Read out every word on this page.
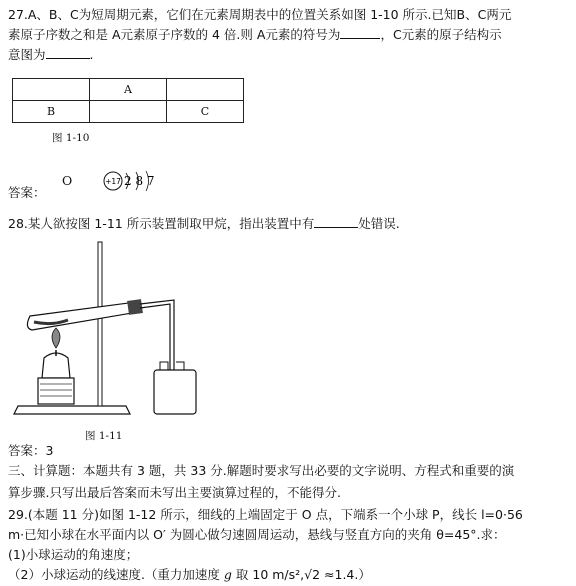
27.A、B、C为短周期元素，它们在元素周期表中的位置关系如图 1-10 所示.已知B、C两元
素原子序数之和是 A元素原子序数的 4 倍.则 A元素的符号为	，C元素的原子结构示
意图为	.
	A	
B		C
图 1-10
答案：
O	+17 2 8 7
28.某人欲按图 1-11 所示装置制取甲烷，指出装置中有	处错误.
图 1-11
答案：3
三、计算题：本题共有 3 题，共 33 分.解题时要求写出必要的文字说明、方程式和重要的演
算步骤.只写出最后答案而未写出主要演算过程的，不能得分.
29.(本题 11 分)如图 1-12 所示，细线的上端固定于 O 点，下端系一个小球 P，线长 l=0·56
m·已知小球在水平面内以 O′ 为圆心做匀速圆周运动，悬线与竖直方向的夹角 θ=45°.求：
(1)小球运动的角速度；
（2）小球运动的线速度.（重力加速度 g 取 10 m/s²,√2 ≈1.4.）
